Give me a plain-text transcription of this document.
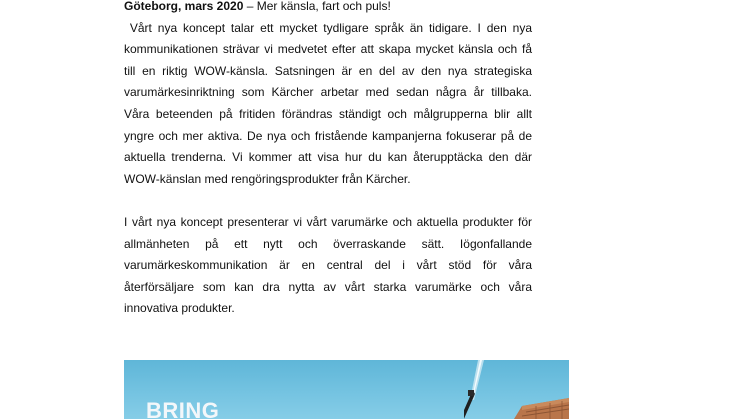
Göteborg, mars 2020 – Mer känsla, fart och puls!
Vårt nya koncept talar ett mycket tydligare språk än tidigare. I den nya
kommunikationen strävar vi medvetet efter att skapa mycket känsla och få
till en riktig WOW-känsla. Satsningen är en del av den nya strategiska
varumärkesinriktning som Kärcher arbetar med sedan några år tillbaka.
Våra beteenden på fritiden förändras ständigt och målgrupperna blir allt
yngre och mer aktiva. De nya och fristående kampanjerna fokuserar på de
aktuella trenderna. Vi kommer att visa hur du kan återupptäcka den där
WOW-känslan med rengöringsprodukter från Kärcher.
I vårt nya koncept presenterar vi vårt varumärke och aktuella produkter för
allmänheten på ett nytt och överraskande sätt. Iögonfallande
varumärkeskommunikation är en central del i vårt stöd för våra
återförsäljare som kan dra nytta av vårt starka varumärke och våra
innovativa produkter.
BRING
